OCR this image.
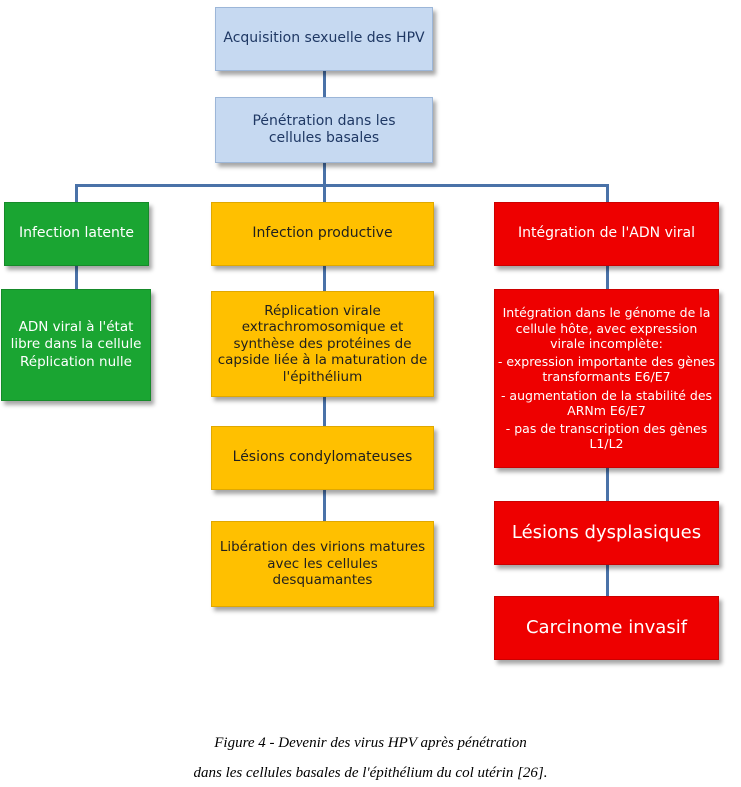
Acquisition sexuelle des HPV

Pénétration dans les cellules basales

Infection latente

ADN viral à l'état libre dans la cellule

Réplication nulle

Infection productive

Réplication virale extrachromosomique et synthèse des protéines de capside liée à la maturation de l'épithélium

Lésions condylomateuses

Libération des virions matures avec les cellules desquamantes

Intégration de l'ADN viral

Intégration dans le génome de la cellule hôte, avec expression virale incomplète:

- expression importante des gènes transformants E6/E7

- augmentation de la stabilité des ARNm E6/E7

- pas de transcription des gènes L1/L2

Lésions dysplasiques

Carcinome invasif

Figure 4 - Devenir des virus HPV après pénétration
dans les cellules basales de l'épithélium du col utérin [26].
